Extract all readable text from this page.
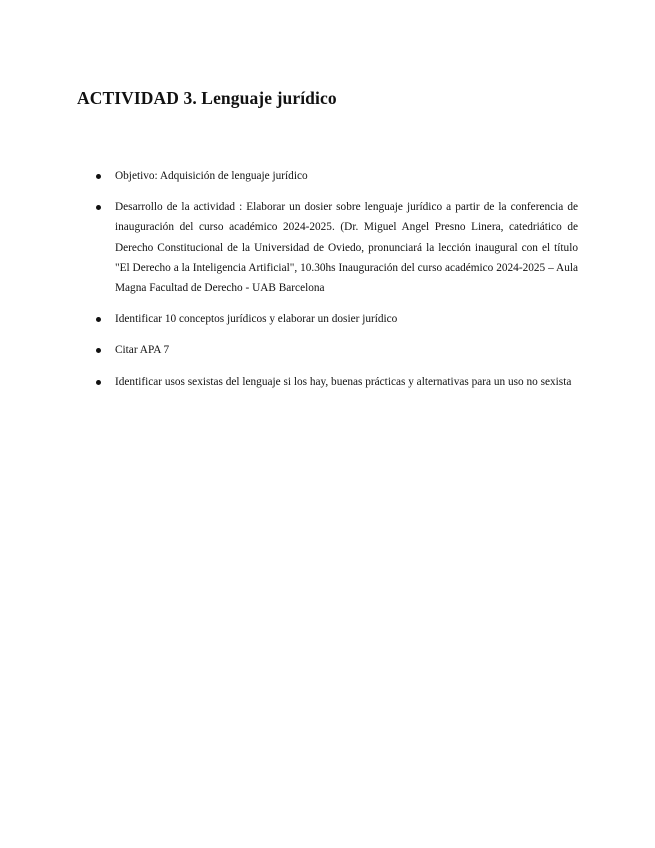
ACTIVIDAD 3. Lenguaje jurídico
Objetivo: Adquisición de lenguaje jurídico
Desarrollo de la actividad : Elaborar un dosier sobre lenguaje jurídico a partir de la conferencia de inauguración del curso académico 2024-2025. (Dr. Miguel Angel Presno Linera, catedriático de Derecho Constitucional de la Universidad de Oviedo, pronunciará la lección inaugural con el título "El Derecho a la Inteligencia Artificial", 10.30hs Inauguración del curso académico 2024-2025 – Aula Magna Facultad de Derecho - UAB Barcelona
Identificar 10 conceptos jurídicos y elaborar un dosier jurídico
Citar APA 7
Identificar usos sexistas del lenguaje si los hay, buenas prácticas y alternativas para un uso no sexista
